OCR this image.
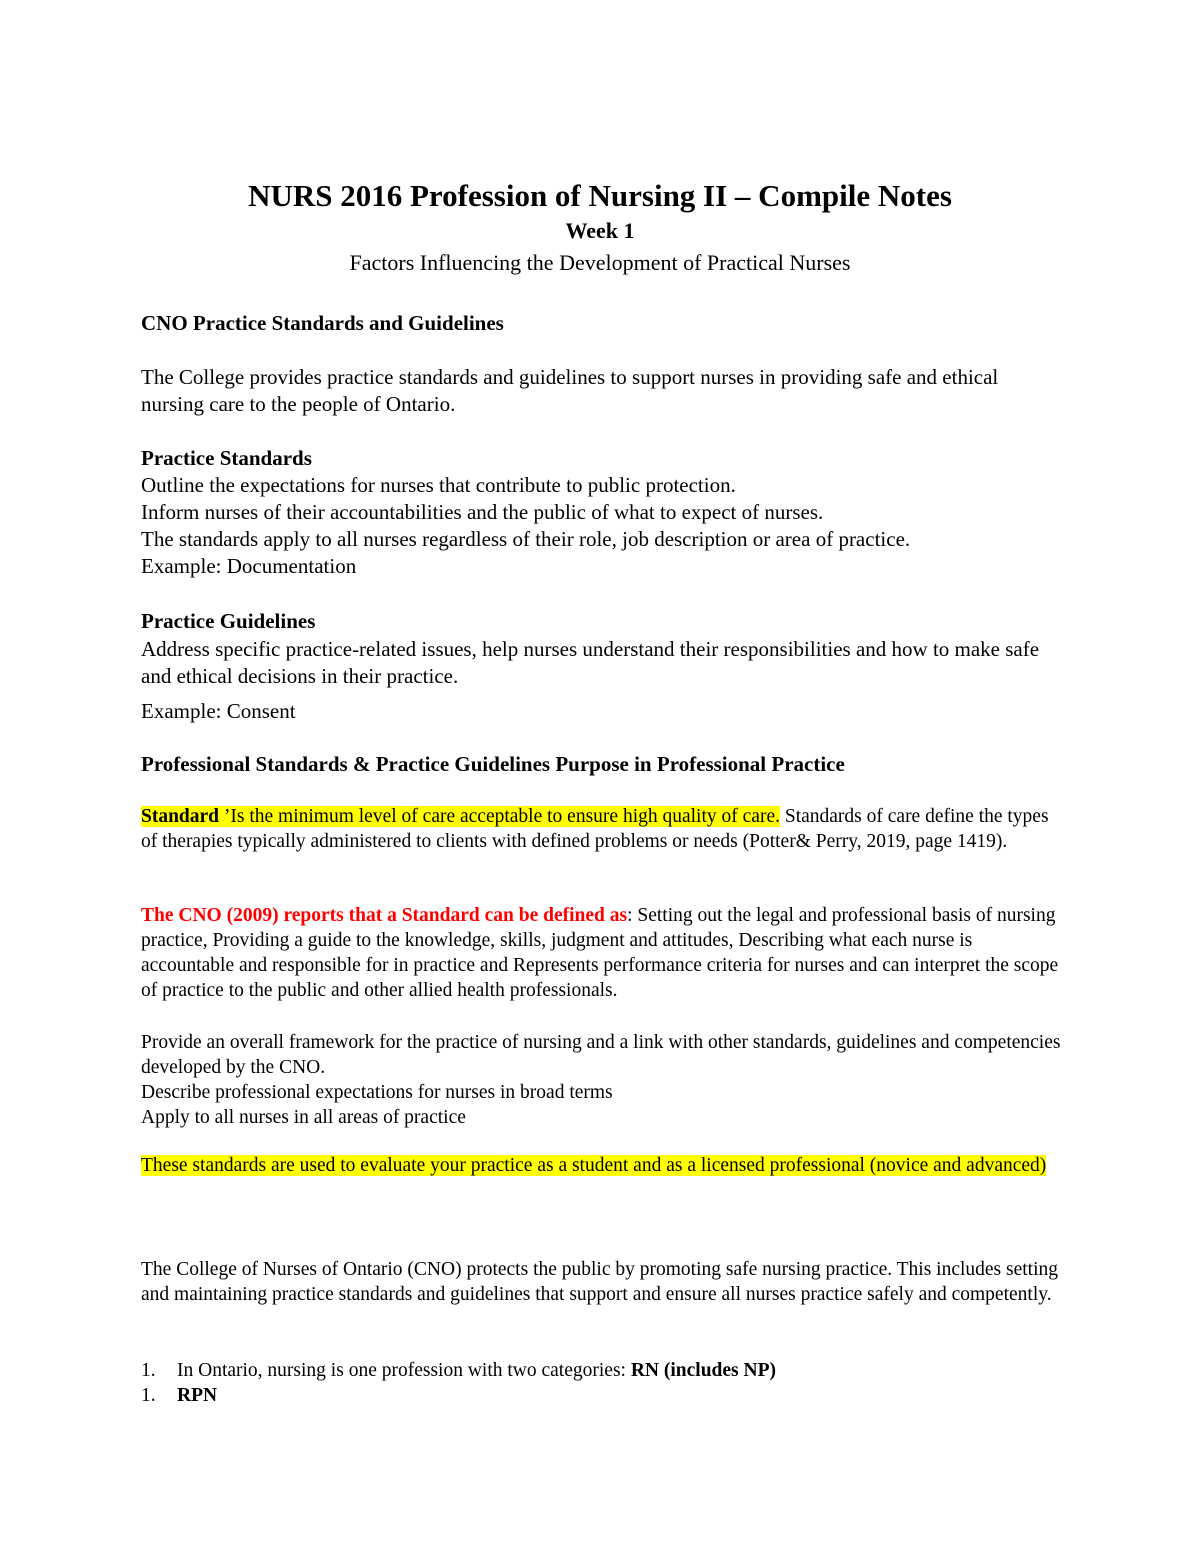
NURS 2016 Profession of Nursing II – Compile Notes
Week 1
Factors Influencing the Development of Practical Nurses
CNO Practice Standards and Guidelines
The College provides practice standards and guidelines to support nurses in providing safe and ethical nursing care to the people of Ontario.
Practice Standards
Outline the expectations for nurses that contribute to public protection.
Inform nurses of their accountabilities and the public of what to expect of nurses.
The standards apply to all nurses regardless of their role, job description or area of practice.
Example: Documentation
Practice Guidelines
Address specific practice-related issues, help nurses understand their responsibilities and how to make safe and ethical decisions in their practice.
Example: Consent
Professional Standards & Practice Guidelines Purpose in Professional Practice
Standard ’Is the minimum level of care acceptable to ensure high quality of care. Standards of care define the types of therapies typically administered to clients with defined problems or needs (Potter& Perry, 2019, page 1419).
The CNO (2009) reports that a Standard can be defined as: Setting out the legal and professional basis of nursing practice, Providing a guide to the knowledge, skills, judgment and attitudes, Describing what each nurse is accountable and responsible for in practice and Represents performance criteria for nurses and can interpret the scope of practice to the public and other allied health professionals.
Provide an overall framework for the practice of nursing and a link with other standards, guidelines and competencies developed by the CNO.
Describe professional expectations for nurses in broad terms
Apply to all nurses in all areas of practice
These standards are used to evaluate your practice as a student and as a licensed professional (novice and advanced)
The College of Nurses of Ontario (CNO) protects the public by promoting safe nursing practice. This includes setting and maintaining practice standards and guidelines that support and ensure all nurses practice safely and competently.
1.	In Ontario, nursing is one profession with two categories: RN (includes NP)
1.	RPN
